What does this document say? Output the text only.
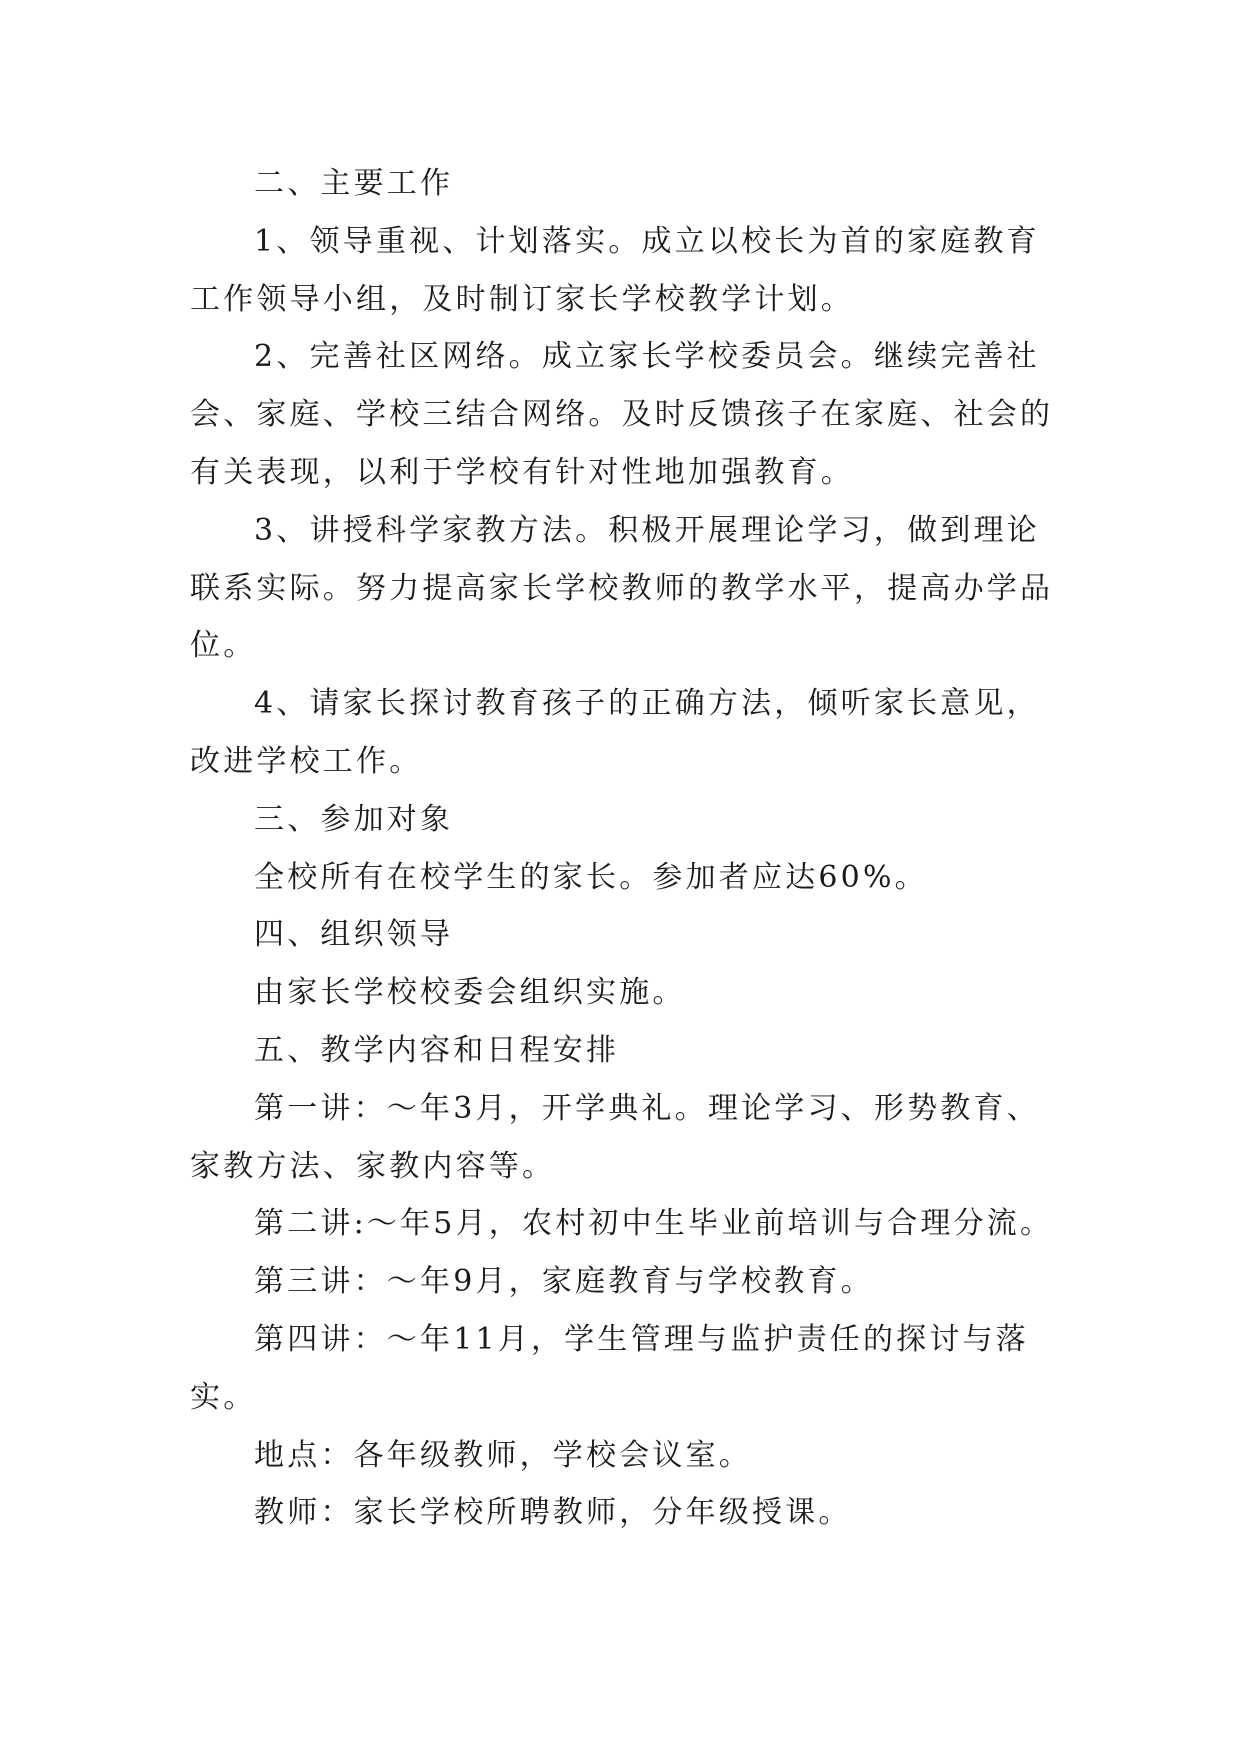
二、主要工作

1、领导重视、计划落实。成立以校长为首的家庭教育工作领导小组，及时制订家长学校教学计划。

2、完善社区网络。成立家长学校委员会。继续完善社会、家庭、学校三结合网络。及时反馈孩子在家庭、社会的有关表现，以利于学校有针对性地加强教育。

3、讲授科学家教方法。积极开展理论学习，做到理论联系实际。努力提高家长学校教师的教学水平，提高办学品位。

4、请家长探讨教育孩子的正确方法，倾听家长意见，改进学校工作。

三、参加对象

全校所有在校学生的家长。参加者应达60%。

四、组织领导

由家长学校校委会组织实施。

五、教学内容和日程安排

第一讲：～年3月，开学典礼。理论学习、形势教育、家教方法、家教内容等。

第二讲:～年5月，农村初中生毕业前培训与合理分流。

第三讲：～年9月，家庭教育与学校教育。

第四讲：～年11月，学生管理与监护责任的探讨与落实。

地点：各年级教师，学校会议室。

教师：家长学校所聘教师，分年级授课。
